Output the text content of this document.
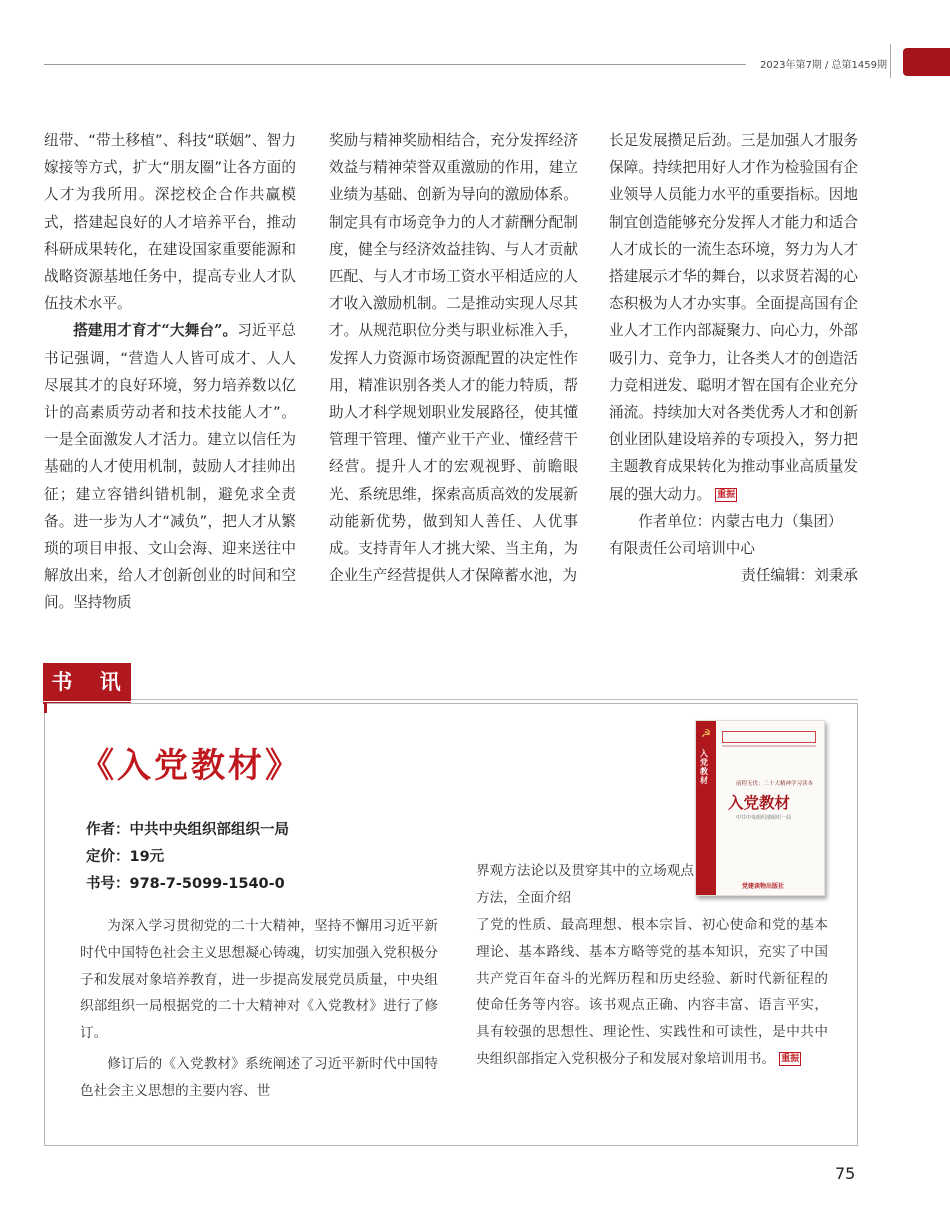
2023年第7期 / 总第1459期

纽带、“带土移植”、科技“联姻”、智力嫁接等方式，扩大“朋友圈”让各方面的人才为我所用。深挖校企合作共赢模式，搭建起良好的人才培养平台，推动科研成果转化，在建设国家重要能源和战略资源基地任务中，提高专业人才队伍技术水平。

搭建用才育才“大舞台”。习近平总书记强调，“营造人人皆可成才、人人尽展其才的良好环境，努力培养数以亿计的高素质劳动者和技术技能人才”。一是全面激发人才活力。建立以信任为基础的人才使用机制，鼓励人才挂帅出征；建立容错纠错机制，避免求全责备。进一步为人才“减负”，把人才从繁琐的项目申报、文山会海、迎来送往中解放出来，给人才创新创业的时间和空间。坚持物质

奖励与精神奖励相结合，充分发挥经济效益与精神荣誉双重激励的作用，建立业绩为基础、创新为导向的激励体系。制定具有市场竞争力的人才薪酬分配制度，健全与经济效益挂钩、与人才贡献匹配、与人才市场工资水平相适应的人才收入激励机制。二是推动实现人尽其才。从规范职位分类与职业标准入手，发挥人力资源市场资源配置的决定性作用，精准识别各类人才的能力特质，帮助人才科学规划职业发展路径，使其懂管理干管理、懂产业干产业、懂经营干经营。提升人才的宏观视野、前瞻眼光、系统思维，探索高质高效的发展新动能新优势，做到知人善任、人优事成。支持青年人才挑大梁、当主角，为企业生产经营提供人才保障蓄水池，为

长足发展攒足后劲。三是加强人才服务保障。持续把用好人才作为检验国有企业领导人员能力水平的重要指标。因地制宜创造能够充分发挥人才能力和适合人才成长的一流生态环境，努力为人才搭建展示才华的舞台，以求贤若渴的心态积极为人才办实事。全面提高国有企业人才工作内部凝聚力、向心力，外部吸引力、竞争力，让各类人才的创造活力竞相迸发、聪明才智在国有企业充分涌流。持续加大对各类优秀人才和创新创业团队建设培养的专项投入，努力把主题教育成果转化为推动事业高质量发展的强大动力。 重振

作者单位：内蒙古电力（集团）

有限责任公司培训中心

责任编辑：刘秉承

书 讯
《入党教材》
作者：中共中央组织部组织一局
定价：19元
书号：978-7-5099-1540-0
☭
入党教材	前程无忧：二十大精神学习读本
入党教材
中共中央组织部组织一局
党建读物出版社

为深入学习贯彻党的二十大精神，坚持不懈用习近平新时代中国特色社会主义思想凝心铸魂，切实加强入党积极分子和发展对象培养教育，进一步提高发展党员质量，中央组织部组织一局根据党的二十大精神对《入党教材》进行了修订。

修订后的《入党教材》系统阐述了习近平新时代中国特色社会主义思想的主要内容、世

界观方法论以及贯穿其中的立场观点方法，全面介绍
了党的性质、最高理想、根本宗旨、初心使命和党的基本理论、基本路线、基本方略等党的基本知识，充实了中国共产党百年奋斗的光辉历程和历史经验、新时代新征程的使命任务等内容。该书观点正确、内容丰富、语言平实，具有较强的思想性、理论性、实践性和可读性，是中共中央组织部指定入党积极分子和发展对象培训用书。 重振
75
